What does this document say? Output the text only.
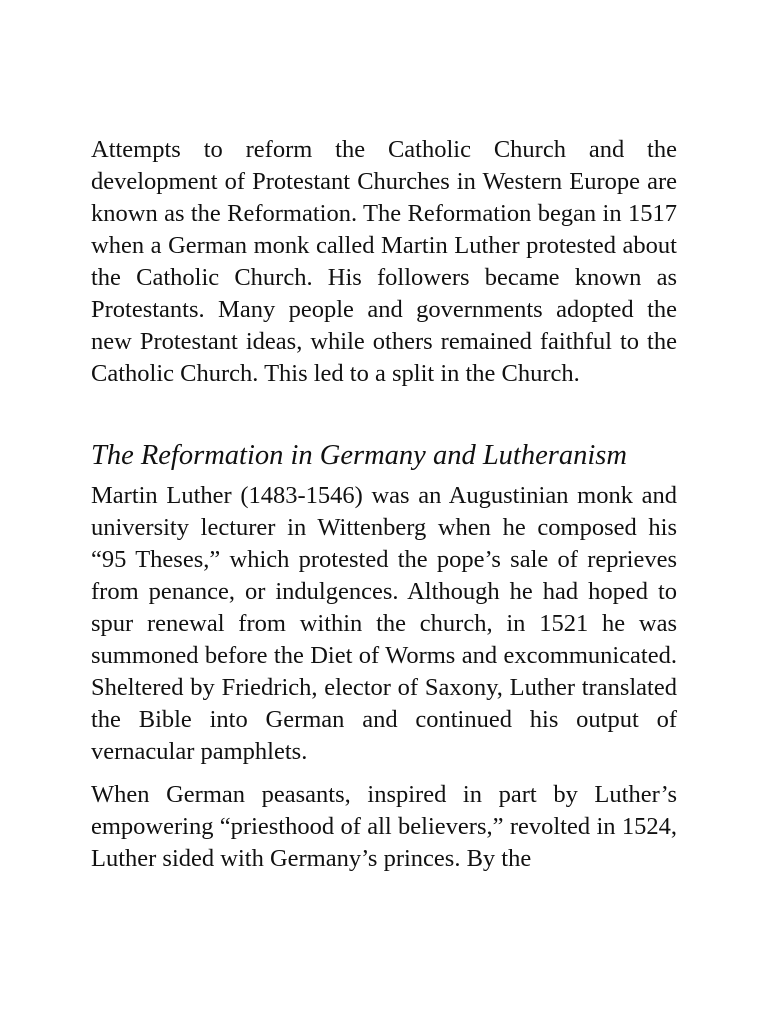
Attempts to reform the Catholic Church and the development of Protestant Churches in Western Europe are known as the Reformation. The Reformation began in 1517 when a German monk called Martin Luther protested about the Catholic Church. His followers became known as Protestants. Many people and governments adopted the new Protestant ideas, while others remained faithful to the Catholic Church. This led to a split in the Church.

The Reformation in Germany and Lutheranism

Martin Luther (1483-1546) was an Augustinian monk and university lecturer in Wittenberg when he composed his “95 Theses,” which protested the pope’s sale of reprieves from penance, or indulgences. Although he had hoped to spur renewal from within the church, in 1521 he was summoned before the Diet of Worms and excommunicated. Sheltered by Friedrich, elector of Saxony, Luther translated the Bible into German and continued his output of vernacular pamphlets.

When German peasants, inspired in part by Luther’s empowering “priesthood of all believers,” revolted in 1524, Luther sided with Germany’s princes. By the
